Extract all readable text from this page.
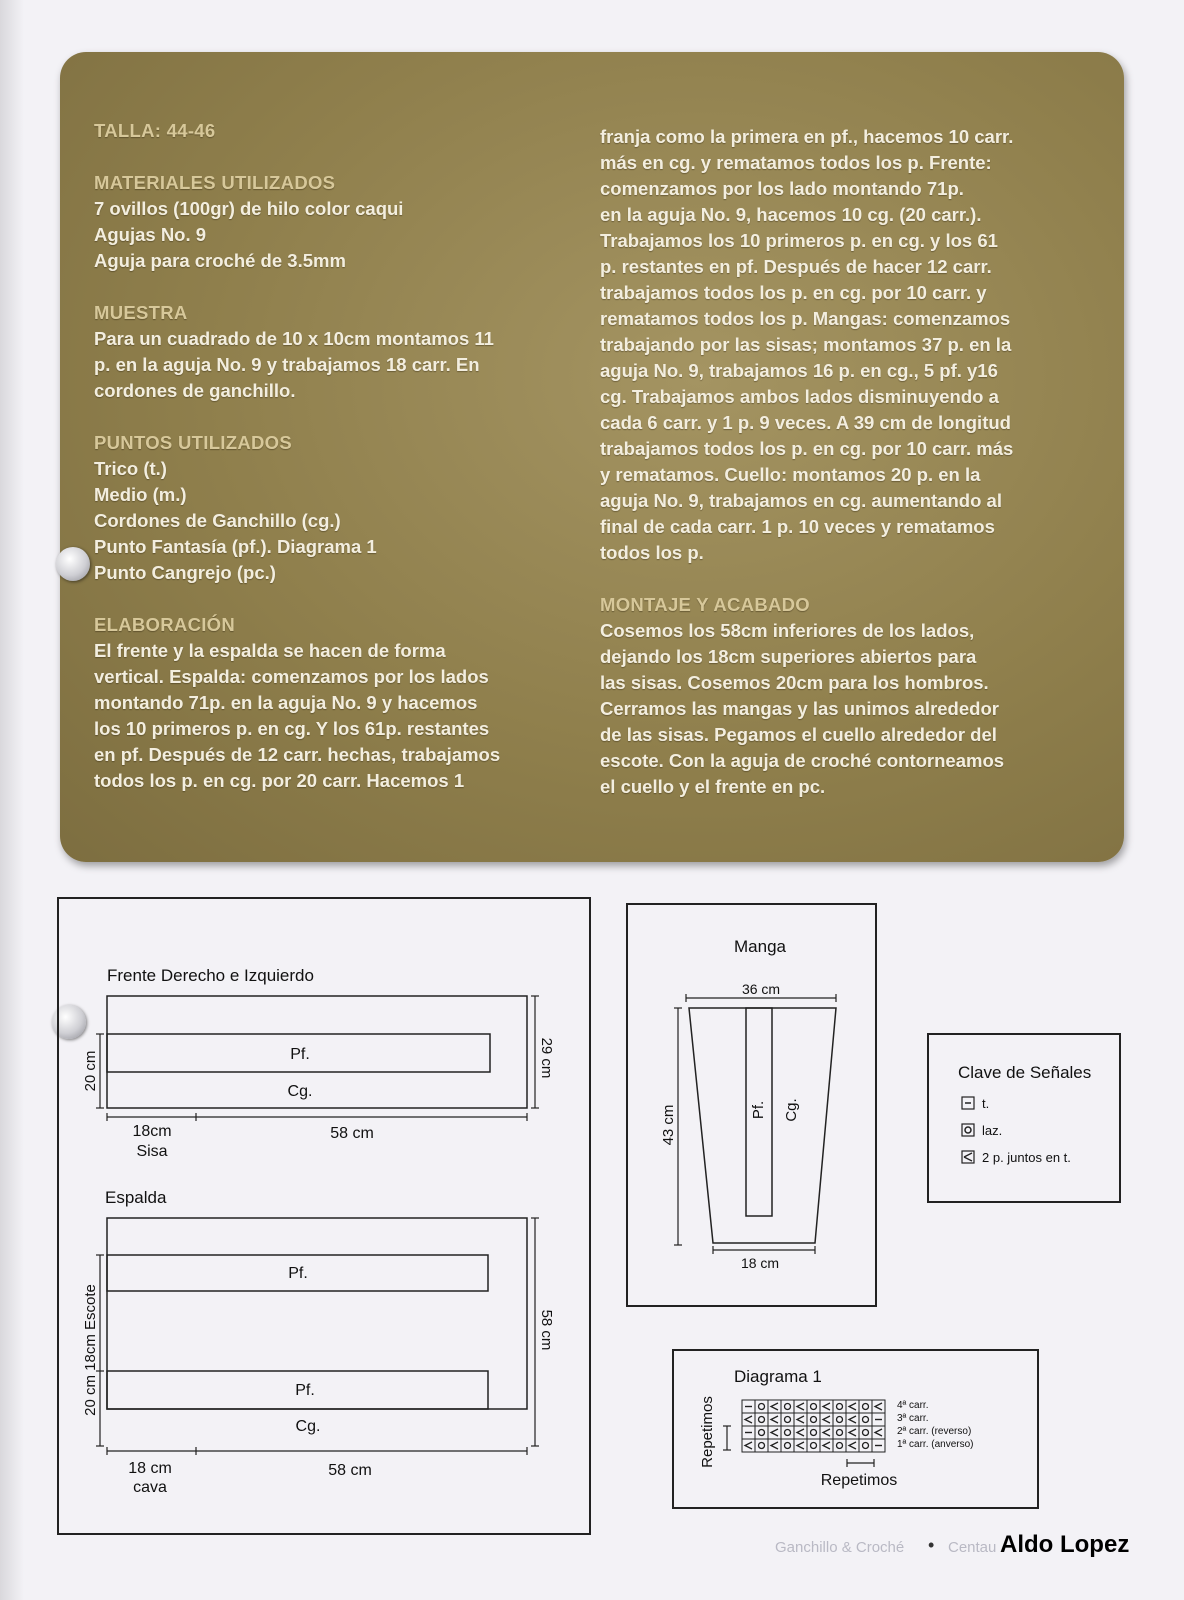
TALLA: 44-46
MATERIALES UTILIZADOS
7 ovillos (100gr) de hilo color caqui
Agujas No. 9
Aguja para croché de 3.5mm
MUESTRA
Para un cuadrado de 10 x 10cm montamos 11
p. en la aguja No. 9 y trabajamos 18 carr. En
cordones de ganchillo.
PUNTOS UTILIZADOS
Trico (t.)
Medio (m.)
Cordones de Ganchillo (cg.)
Punto Fantasía (pf.). Diagrama 1
Punto Cangrejo (pc.)
ELABORACIÓN
El frente y la espalda se hacen de forma
vertical. Espalda: comenzamos por los lados
montando 71p. en la aguja No. 9 y hacemos
los 10 primeros p. en cg. Y los 61p. restantes
en pf. Después de 12 carr. hechas, trabajamos
todos los p. en cg. por 20 carr. Hacemos 1
franja como la primera en pf., hacemos 10 carr.
más en cg. y rematamos todos los p. Frente:
comenzamos por los lado montando 71p.
en la aguja No. 9, hacemos 10 cg. (20 carr.).
Trabajamos los 10 primeros p. en cg. y los 61
p. restantes en pf. Después de hacer 12 carr.
trabajamos todos los p. en cg. por 10 carr. y
rematamos todos los p. Mangas: comenzamos
trabajando por las sisas; montamos 37 p. en la
aguja No. 9, trabajamos 16 p. en cg., 5 pf. y16
cg. Trabajamos ambos lados disminuyendo a
cada 6 carr. y 1 p. 9 veces. A 39 cm de longitud
trabajamos todos los p. en cg. por 10 carr. más
y rematamos. Cuello: montamos 20 p. en la
aguja No. 9, trabajamos en cg. aumentando al
final de cada carr. 1 p. 10 veces y rematamos
todos los p.
MONTAJE Y ACABADO
Cosemos los 58cm inferiores de los lados,
dejando los 18cm superiores abiertos para
las sisas. Cosemos 20cm para los hombros.
Cerramos las mangas y las unimos alrededor
de las sisas. Pegamos el cuello alrededor del
escote. Con la aguja de croché contorneamos
el cuello y el frente en pc.
Frente Derecho e Izquierdo
Pf.
Cg.
20 cm	29 cm
18cm
Sisa
58 cm
Espalda
Pf.
Pf.
Cg.
20 cm 18cm Escote	58 cm
18 cm
cava
58 cm
Manga
36 cm
Pf. Cg.
43 cm
18 cm
Clave de Señales
t.
laz.
2 p. juntos en t.
Diagrama 1
4ª carr.
3ª carr.
2ª carr. (reverso)
1ª carr. (anverso)
Repetimos
Repetimos
Ganchillo & Croché • Centau Aldo Lopez
